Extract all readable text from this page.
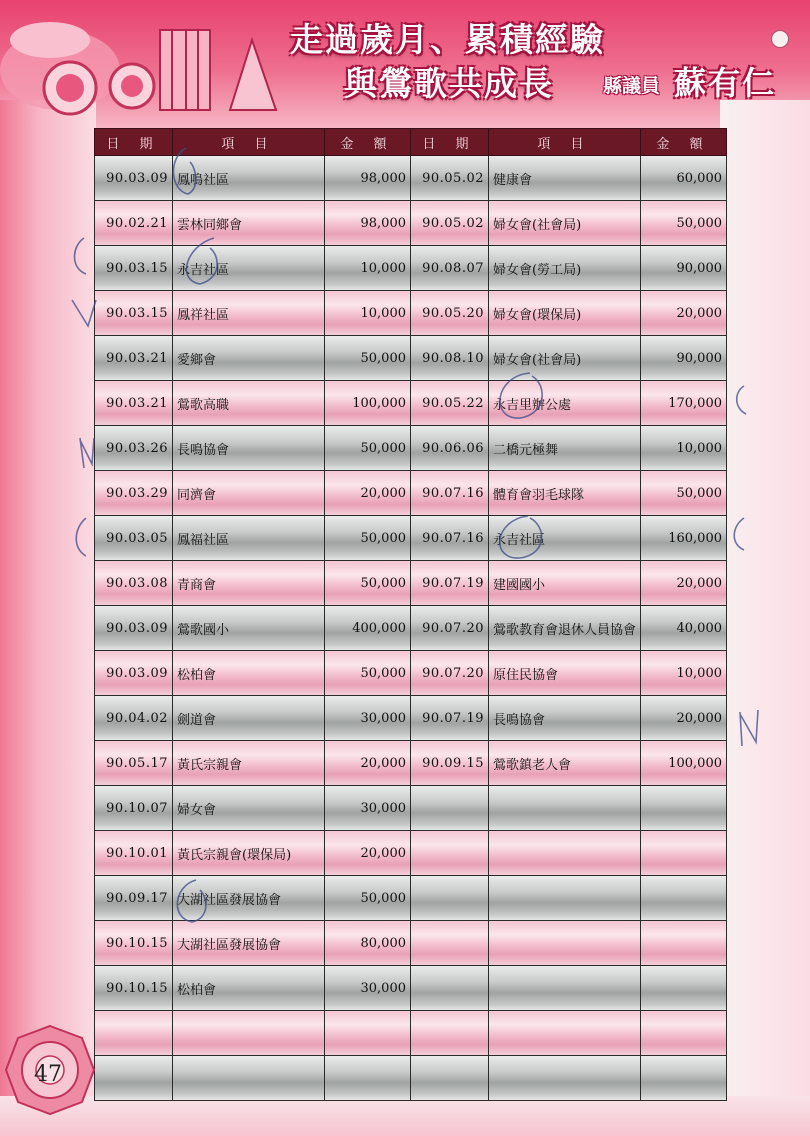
走過歲月、累積經驗
與鶯歌共成長	縣議員 蘇有仁
日 期	項 目	金 額	日 期	項 目	金 額
90.03.09	鳳鳴社區	98,000	90.05.02	健康會	60,000
90.02.21	雲林同鄉會	98,000	90.05.02	婦女會(社會局)	50,000
90.03.15	永吉社區	10,000	90.08.07	婦女會(勞工局)	90,000
90.03.15	鳳祥社區	10,000	90.05.20	婦女會(環保局)	20,000
90.03.21	愛鄉會	50,000	90.08.10	婦女會(社會局)	90,000
90.03.21	鶯歌高職	100,000	90.05.22	永吉里辦公處	170,000
90.03.26	長鳴協會	50,000	90.06.06	二橋元極舞	10,000
90.03.29	同濟會	20,000	90.07.16	體育會羽毛球隊	50,000
90.03.05	鳳福社區	50,000	90.07.16	永吉社區	160,000
90.03.08	青商會	50,000	90.07.19	建國國小	20,000
90.03.09	鶯歌國小	400,000	90.07.20	鶯歌教育會退休人員協會	40,000
90.03.09	松柏會	50,000	90.07.20	原住民協會	10,000
90.04.02	劍道會	30,000	90.07.19	長鳴協會	20,000
90.05.17	黃氏宗親會	20,000	90.09.15	鶯歌鎮老人會	100,000
90.10.07	婦女會	30,000			
90.10.01	黃氏宗親會(環保局)	20,000			
90.09.17	大湖社區發展協會	50,000			
90.10.15	大湖社區發展協會	80,000			
90.10.15	松柏會	30,000			

47
